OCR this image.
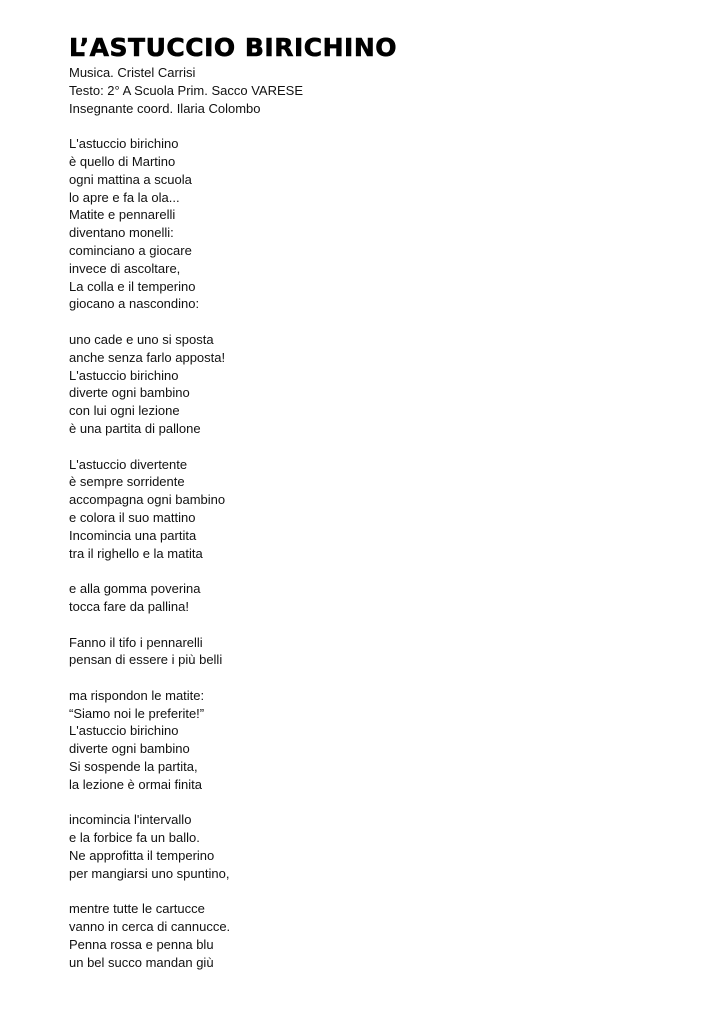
L’ASTUCCIO BIRICHINO
Musica. Cristel Carrisi
Testo: 2° A Scuola Prim. Sacco VARESE
Insegnante coord. Ilaria Colombo
L'astuccio birichino
è quello di Martino
ogni mattina a scuola
lo apre e fa la ola...
Matite e pennarelli
diventano monelli:
cominciano a giocare
invece di ascoltare,
La colla e il temperino
giocano a nascondino:
uno cade e uno si sposta
anche senza farlo apposta!
L'astuccio birichino
diverte ogni bambino
con lui ogni lezione
è una partita di pallone
L'astuccio divertente
è sempre sorridente
accompagna ogni bambino
e colora il suo mattino
Incomincia una partita
tra il righello e la matita
e alla gomma poverina
tocca fare da pallina!
Fanno il tifo i pennarelli
pensan di essere i più belli
ma rispondon le matite:
“Siamo noi le preferite!”
L'astuccio birichino
diverte ogni bambino
Si sospende la partita,
la lezione è ormai finita
incomincia l'intervallo
e la forbice fa un ballo.
Ne approfitta il temperino
per mangiarsi uno spuntino,
mentre tutte le cartucce
vanno in cerca di cannucce.
Penna rossa e penna blu
un bel succo mandan giù
